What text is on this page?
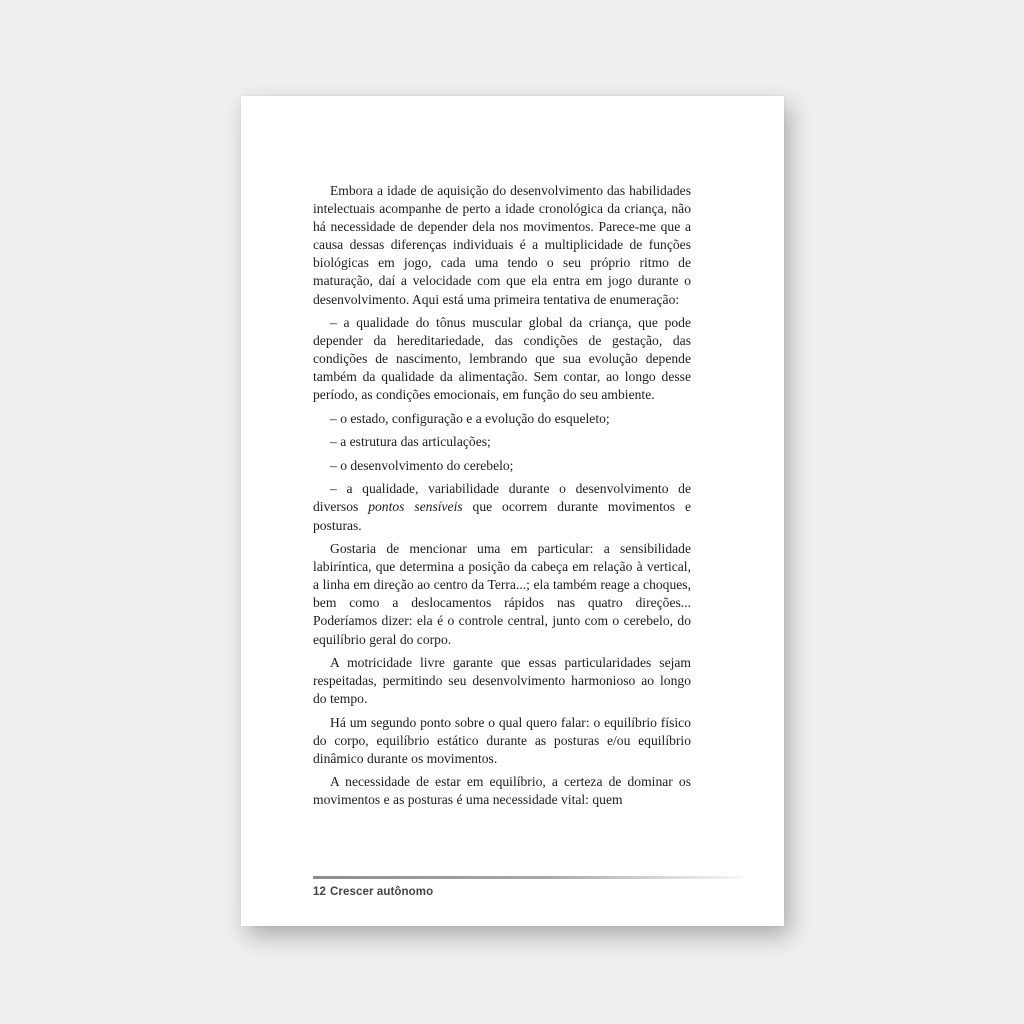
Embora a idade de aquisição do desenvolvimento das habilidades intelectuais acompanhe de perto a idade cronológica da criança, não há necessidade de depender dela nos movimentos. Parece-me que a causa dessas diferenças individuais é a multiplicidade de funções biológicas em jogo, cada uma tendo o seu próprio ritmo de maturação, daí a velocidade com que ela entra em jogo durante o desenvolvimento. Aqui está uma primeira tentativa de enumeração:

– a qualidade do tônus muscular global da criança, que pode depender da hereditariedade, das condições de gestação, das condições de nascimento, lembrando que sua evolução depende também da qualidade da alimentação. Sem contar, ao longo desse período, as condições emocionais, em função do seu ambiente.

– o estado, configuração e a evolução do esqueleto;

– a estrutura das articulações;

– o desenvolvimento do cerebelo;

– a qualidade, variabilidade durante o desenvolvimento de diversos pontos sensíveis que ocorrem durante movimentos e posturas.

Gostaria de mencionar uma em particular: a sensibilidade labiríntica, que determina a posição da cabeça em relação à vertical, a linha em direção ao centro da Terra...; ela também reage a choques, bem como a deslocamentos rápidos nas quatro direções... Poderíamos dizer: ela é o controle central, junto com o cerebelo, do equilíbrio geral do corpo.

A motricidade livre garante que essas particularidades sejam respeitadas, permitindo seu desenvolvimento harmonioso ao longo do tempo.

Há um segundo ponto sobre o qual quero falar: o equilíbrio físico do corpo, equilíbrio estático durante as posturas e/ou equilíbrio dinâmico durante os movimentos.

A necessidade de estar em equilíbrio, a certeza de dominar os movimentos e as posturas é uma necessidade vital: quem

12 Crescer autônomo
